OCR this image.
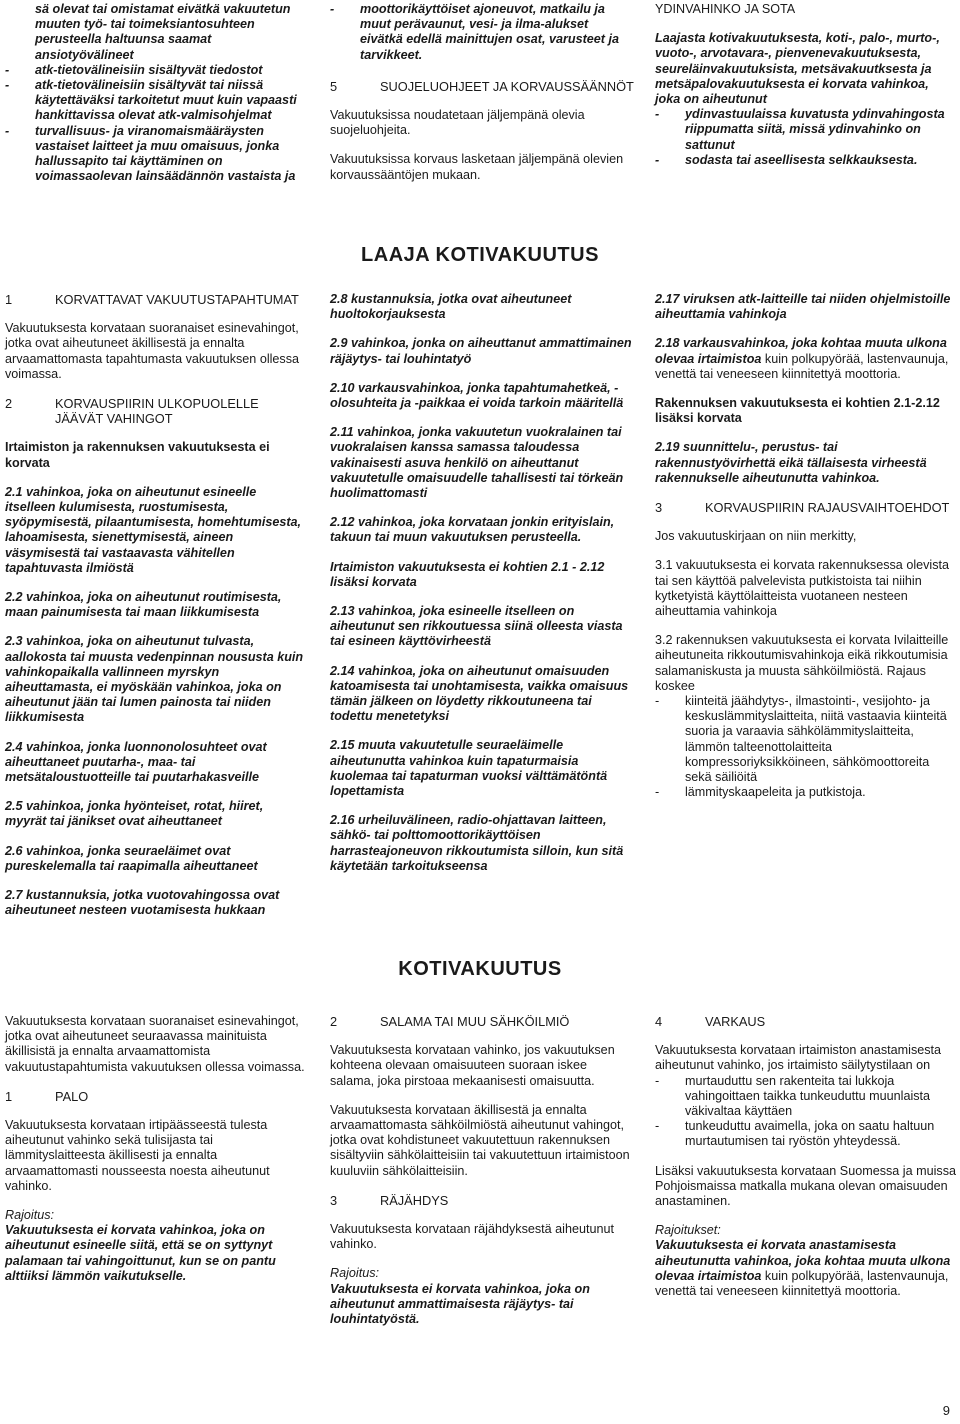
sä olevat tai omistamat eivätkä vakuutetun muuten työ- tai toimeksiantosuhteen perusteella haltuunsa saamat ansiotyövälineet

-	atk-tietovälineisiin sisältyvät tiedostot
-	atk-tietovälineisiin sisältyvät tai niissä käytettäväksi tarkoitetut muut kuin vapaasti hankittavissa olevat atk-valmisohjelmat
-	turvallisuus- ja viranomaismääräysten vastaiset laitteet ja muu omaisuus, jonka hallussapito tai käyttäminen on voimassaolevan lainsäädännön vastaista ja
-	moottorikäyttöiset ajoneuvot, matkailu ja muut perävaunut, vesi- ja ilma-alukset eivätkä edellä mainittujen osat, varusteet ja tarvikkeet.
5	SUOJELUOHJEET JA KORVAUSSÄÄNNÖT

Vakuutuksissa noudatetaan jäljempänä olevia suojeluohjeita.

Vakuutuksissa korvaus lasketaan jäljempänä olevien korvaussääntöjen mukaan.

YDINVAHINKO JA SOTA

Laajasta kotivakuutuksesta, koti-, palo-, murto-, vuoto-, arvotavara-, pienvenevakuutuksesta, seureläinvakuutuksista, metsävakuutksesta ja metsäpalovakuutuksesta ei korvata vahinkoa, joka on aiheutunut

-	ydinvastuulaissa kuvatusta ydinvahingosta riippumatta siitä, missä ydinvahinko on sattunut
-	sodasta tai aseellisesta selkkauksesta.
LAAJA KOTIVAKUUTUS
1	KORVATTAVAT VAKUUTUSTAPAHTUMAT

Vakuutuksesta korvataan suoranaiset esinevahingot, jotka ovat aiheutuneet äkillisestä ja ennalta arvaamattomasta tapahtumasta vakuutuksen ollessa voimassa.

2	KORVAUSPIIRIN ULKOPUOLELLE JÄÄVÄT VAHINGOT

Irtaimiston ja rakennuksen vakuutuksesta ei korvata

2.1 vahinkoa, joka on aiheutunut esineelle itselleen kulumisesta, ruostumisesta, syöpymisestä, pilaantumisesta, homehtumisesta, lahoamisesta, sienettymisestä, aineen väsymisestä tai vastaavasta vähitellen tapahtuvasta ilmiöstä

2.2 vahinkoa, joka on aiheutunut routimisesta, maan painumisesta tai maan liikkumisesta

2.3 vahinkoa, joka on aiheutunut tulvasta, aallokosta tai muusta vedenpinnan noususta kuin vahinkopaikalla vallinneen myrskyn aiheuttamasta, ei myöskään vahinkoa, joka on aiheutunut jään tai lumen painosta tai niiden liikkumisesta

2.4 vahinkoa, jonka luonnonolosuhteet ovat aiheuttaneet puutarha-, maa- tai metsätaloustuotteille tai puutarhakasveille

2.5 vahinkoa, jonka hyönteiset, rotat, hiiret, myyrät tai jänikset ovat aiheuttaneet

2.6 vahinkoa, jonka seuraeläimet ovat pureskelemalla tai raapimalla aiheuttaneet

2.7 kustannuksia, jotka vuotovahingossa ovat aiheutuneet nesteen vuotamisesta hukkaan

2.8 kustannuksia, jotka ovat aiheutuneet huoltokorjauksesta

2.9 vahinkoa, jonka on aiheuttanut ammattimainen räjäytys- tai louhintatyö

2.10 varkausvahinkoa, jonka tapahtumahetkeä, -olosuhteita ja -paikkaa ei voida tarkoin määritellä

2.11 vahinkoa, jonka vakuutetun vuokralainen tai vuokralaisen kanssa samassa taloudessa vakinaisesti asuva henkilö on aiheuttanut vakuutetulle omaisuudelle tahallisesti tai törkeän huolimattomasti

2.12 vahinkoa, joka korvataan jonkin erityislain, takuun tai muun vakuutuksen perusteella.

Irtaimiston vakuutuksesta ei kohtien 2.1 - 2.12 lisäksi korvata

2.13 vahinkoa, joka esineelle itselleen on aiheutunut sen rikkoutuessa siinä olleesta viasta tai esineen käyttövirheestä

2.14 vahinkoa, joka on aiheutunut omaisuuden katoamisesta tai unohtamisesta, vaikka omaisuus tämän jälkeen on löydetty rikkoutuneena tai todettu menetetyksi

2.15 muuta vakuutetulle seuraeläimelle aiheutunutta vahinkoa kuin tapaturmaisia kuolemaa tai tapaturman vuoksi välttämätöntä lopettamista

2.16 urheiluvälineen, radio-ohjattavan laitteen, sähkö- tai polttomoottorikäyttöisen harrasteajoneuvon rikkoutumista silloin, kun sitä käytetään tarkoitukseensa

2.17 viruksen atk-laitteille tai niiden ohjelmistoille aiheuttamia vahinkoja

2.18 varkausvahinkoa, joka kohtaa muuta ulkona olevaa irtaimistoa kuin polkupyörää, lastenvaunuja, venettä tai veneeseen kiinnitettyä moottoria.

Rakennuksen vakuutuksesta ei kohtien 2.1-2.12 lisäksi korvata

2.19 suunnittelu-, perustus- tai rakennustyövirhettä eikä tällaisesta virheestä rakennukselle aiheutunutta vahinkoa.

3	KORVAUSPIIRIN RAJAUSVAIHTOEHDOT

Jos vakuutuskirjaan on niin merkitty,

3.1 vakuutuksesta ei korvata rakennuksessa olevista tai sen käyttöä palvelevista putkistoista tai niihin kytketyistä käyttölaitteista vuotaneen nesteen aiheuttamia vahinkoja

3.2 rakennuksen vakuutuksesta ei korvata Ivilaitteille aiheutuneita rikkoutumisvahinkoja eikä rikkoutumisia salamaniskusta ja muusta sähköilmiöstä. Rajaus koskee

-	kiinteitä jäähdytys-, ilmastointi-, vesijohto- ja keskuslämmityslaitteita, niitä vastaavia kiinteitä suoria ja varaavia sähkölämmityslaitteita, lämmön talteenottolaitteita kompressoriyksikköineen, sähkömoottoreita sekä säiliöitä
-	lämmityskaapeleita ja putkistoja.
KOTIVAKUUTUS

Vakuutuksesta korvataan suoranaiset esinevahingot, jotka ovat aiheutuneet seuraavassa mainituista äkillisistä ja ennalta arvaamattomista vakuutustapahtumista vakuutuksen ollessa voimassa.

1	PALO

Vakuutuksesta korvataan irtipäässeestä tulesta aiheutunut vahinko sekä tulisijasta tai lämmityslaitteesta äkillisesti ja ennalta arvaamattomasti nousseesta noesta aiheutunut vahinko.

Rajoitus:

Vakuutuksesta ei korvata vahinkoa, joka on aiheutunut esineelle siitä, että se on syttynyt palamaan tai vahingoittunut, kun se on pantu alttiiksi lämmön vaikutukselle.

2	SALAMA TAI MUU SÄHKÖILMIÖ

Vakuutuksesta korvataan vahinko, jos vakuutuksen kohteena olevaan omaisuuteen suoraan iskee salama, joka pirstoaa mekaanisesti omaisuutta.

Vakuutuksesta korvataan äkillisestä ja ennalta arvaamattomasta sähköilmiöstä aiheutunut vahingot, jotka ovat kohdistuneet vakuutettuun rakennuksen sisältyviin sähkölaitteisiin tai vakuutettuun irtaimistoon kuuluviin sähkölaitteisiin.

3	RÄJÄHDYS

Vakuutuksesta korvataan räjähdyksestä aiheutunut vahinko.

Rajoitus:

Vakuutuksesta ei korvata vahinkoa, joka on aiheutunut ammattimaisesta räjäytys- tai louhintatyöstä.

4	VARKAUS

Vakuutuksesta korvataan irtaimiston anastamisesta aiheutunut vahinko, jos irtaimisto säilytystilaan on

-	murtauduttu sen rakenteita tai lukkoja vahingoittaen taikka tunkeuduttu muunlaista väkivaltaa käyttäen
-	tunkeuduttu avaimella, joka on saatu haltuun murtautumisen tai ryöstön yhteydessä.

Lisäksi vakuutuksesta korvataan Suomessa ja muissa Pohjoismaissa matkalla mukana olevan omaisuuden anastaminen.

Rajoitukset:

Vakuutuksesta ei korvata anastamisesta aiheutunutta vahinkoa, joka kohtaa muuta ulkona olevaa irtaimistoa kuin polkupyörää, lastenvaunuja, venettä tai veneeseen kiinnitettyä moottoria.

9
